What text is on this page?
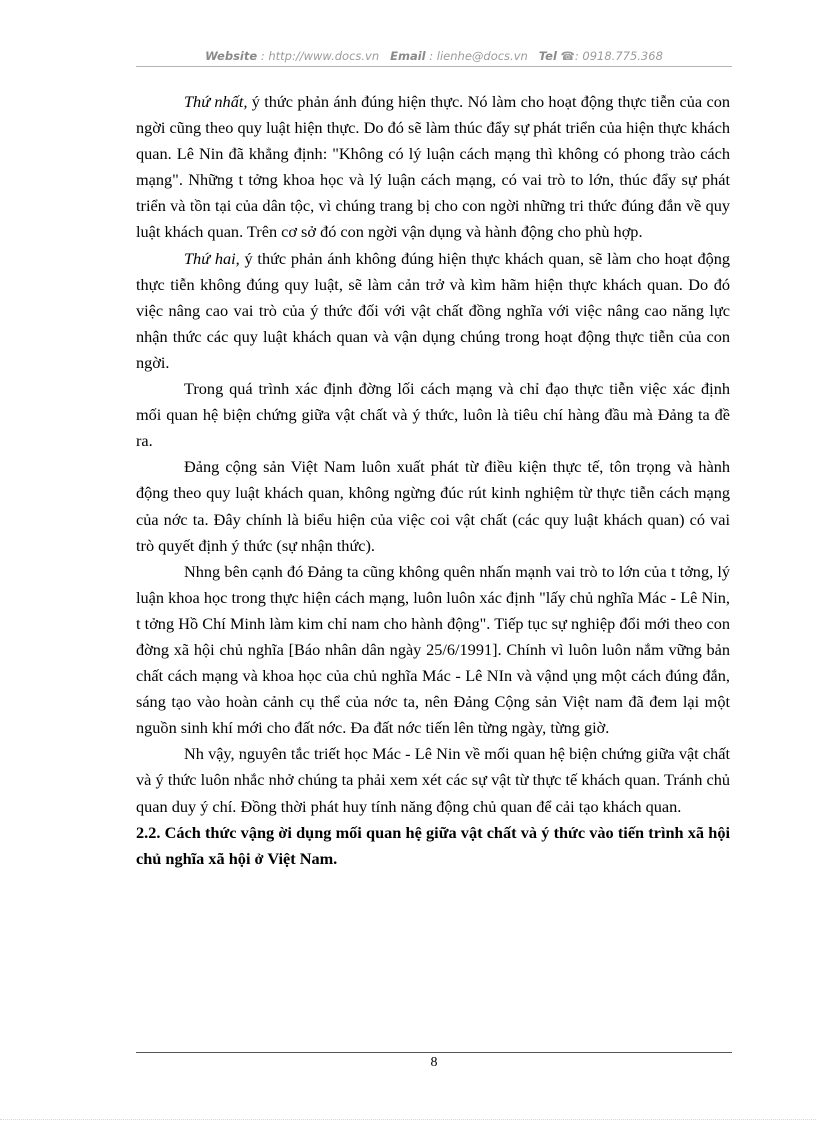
Website : http://www.docs.vn Email : lienhe@docs.vn Tel ☎: 0918.775.368

Thứ nhất, ý thức phản ánh đúng hiện thực. Nó làm cho hoạt động thực tiễn của con ngời cũng theo quy luật hiện thực. Do đó sẽ làm thúc đẩy sự phát triển của hiện thực khách quan. Lê Nin đã khẳng định: "Không có lý luận cách mạng thì không có phong trào cách mạng". Những t tởng khoa học và lý luận cách mạng, có vai trò to lớn, thúc đẩy sự phát triển và tồn tại của dân tộc, vì chúng trang bị cho con ngời những tri thức đúng đắn về quy luật khách quan. Trên cơ sở đó con ngời vận dụng và hành động cho phù hợp.

Thứ hai, ý thức phản ánh không đúng hiện thực khách quan, sẽ làm cho hoạt động thực tiễn không đúng quy luật, sẽ làm cản trở và kìm hãm hiện thực khách quan. Do đó việc nâng cao vai trò của ý thức đối với vật chất đồng nghĩa với việc nâng cao năng lực nhận thức các quy luật khách quan và vận dụng chúng trong hoạt động thực tiễn của con ngời.

Trong quá trình xác định đờng lối cách mạng và chỉ đạo thực tiễn việc xác định mối quan hệ biện chứng giữa vật chất và ý thức, luôn là tiêu chí hàng đầu mà Đảng ta đề ra.

Đảng cộng sản Việt Nam luôn xuất phát từ điều kiện thực tế, tôn trọng và hành động theo quy luật khách quan, không ngừng đúc rút kinh nghiệm từ thực tiễn cách mạng của nớc ta. Đây chính là biểu hiện của việc coi vật chất (các quy luật khách quan) có vai trò quyết định ý thức (sự nhận thức).

Nhng bên cạnh đó Đảng ta cũng không quên nhấn mạnh vai trò to lớn của t tởng, lý luận khoa học trong thực hiện cách mạng, luôn luôn xác định "lấy chủ nghĩa Mác - Lê Nin, t tởng Hồ Chí Minh làm kim chỉ nam cho hành động". Tiếp tục sự nghiệp đổi mới theo con đờng xã hội chủ nghĩa [Báo nhân dân ngày 25/6/1991]. Chính vì luôn luôn nắm vững bản chất cách mạng và khoa học của chủ nghĩa Mác - Lê NIn và vậnd ụng một cách đúng đắn, sáng tạo vào hoàn cảnh cụ thể của nớc ta, nên Đảng Cộng sản Việt nam đã đem lại một nguồn sinh khí mới cho đất nớc. Đa đất nớc tiến lên từng ngày, từng giờ.

Nh vậy, nguyên tắc triết học Mác - Lê Nin về mối quan hệ biện chứng giữa vật chất và ý thức luôn nhắc nhở chúng ta phải xem xét các sự vật từ thực tế khách quan. Tránh chủ quan duy ý chí. Đồng thời phát huy tính năng động chủ quan để cải tạo khách quan.

2.2. Cách thức vậng ời dụng mối quan hệ giữa vật chất và ý thức vào tiến trình xã hội chủ nghĩa xã hội ở Việt Nam.
8
